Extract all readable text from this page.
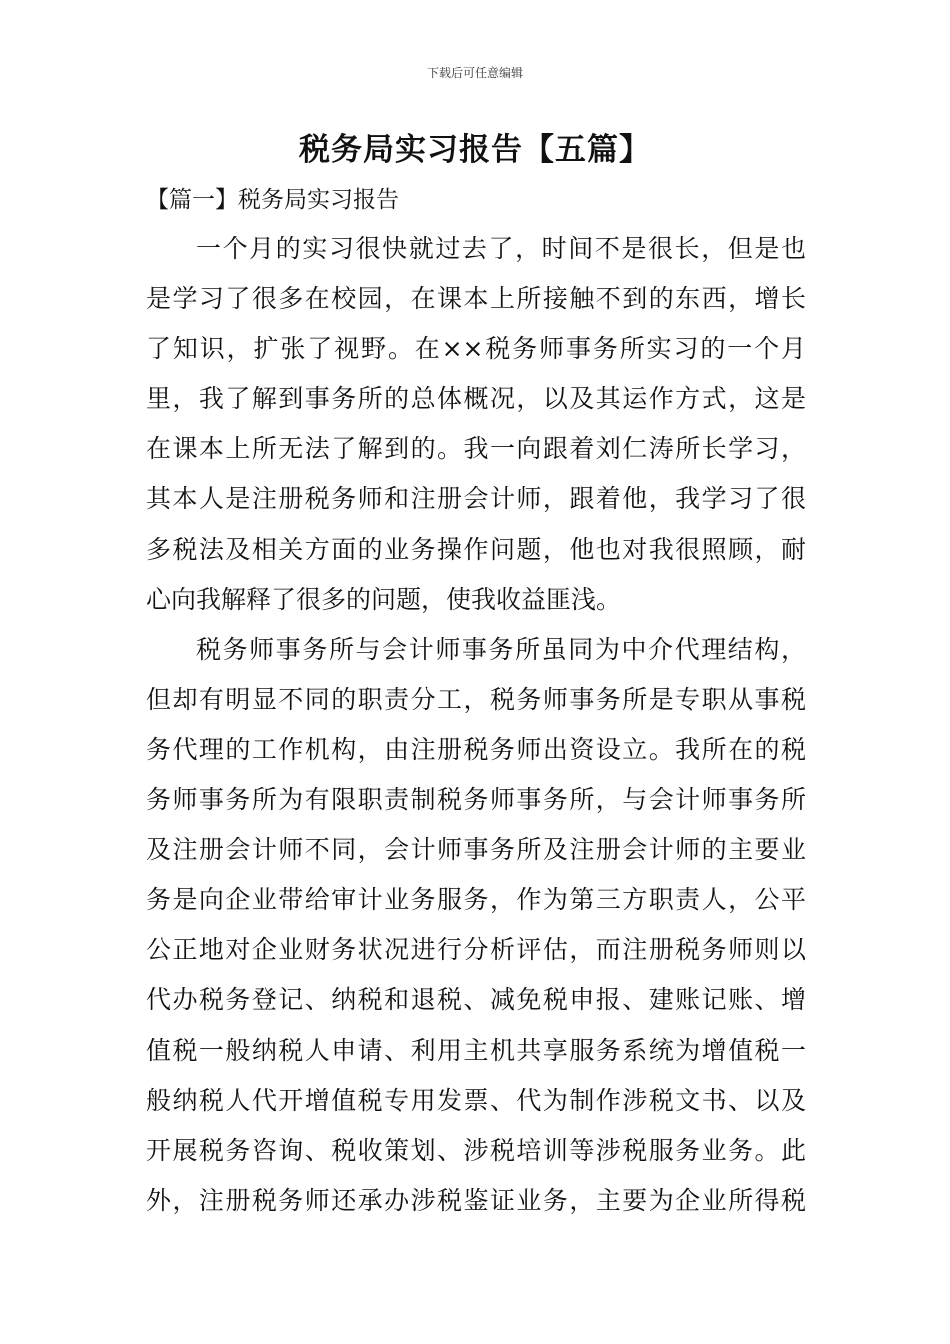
下载后可任意编辑
税务局实习报告【五篇】
【篇一】税务局实习报告
一个月的实习很快就过去了，时间不是很长，但是也
是学习了很多在校园，在课本上所接触不到的东西，增长
了知识，扩张了视野。在××税务师事务所实习的一个月
里，我了解到事务所的总体概况，以及其运作方式，这是
在课本上所无法了解到的。我一向跟着刘仁涛所长学习，
其本人是注册税务师和注册会计师，跟着他，我学习了很
多税法及相关方面的业务操作问题，他也对我很照顾，耐
心向我解释了很多的问题，使我收益匪浅。
税务师事务所与会计师事务所虽同为中介代理结构，
但却有明显不同的职责分工，税务师事务所是专职从事税
务代理的工作机构，由注册税务师出资设立。我所在的税
务师事务所为有限职责制税务师事务所，与会计师事务所
及注册会计师不同，会计师事务所及注册会计师的主要业
务是向企业带给审计业务服务，作为第三方职责人，公平
公正地对企业财务状况进行分析评估，而注册税务师则以
代办税务登记、纳税和退税、减免税申报、建账记账、增
值税一般纳税人申请、利用主机共享服务系统为增值税一
般纳税人代开增值税专用发票、代为制作涉税文书、以及
开展税务咨询、税收策划、涉税培训等涉税服务业务。此
外，注册税务师还承办涉税鉴证业务，主要为企业所得税
